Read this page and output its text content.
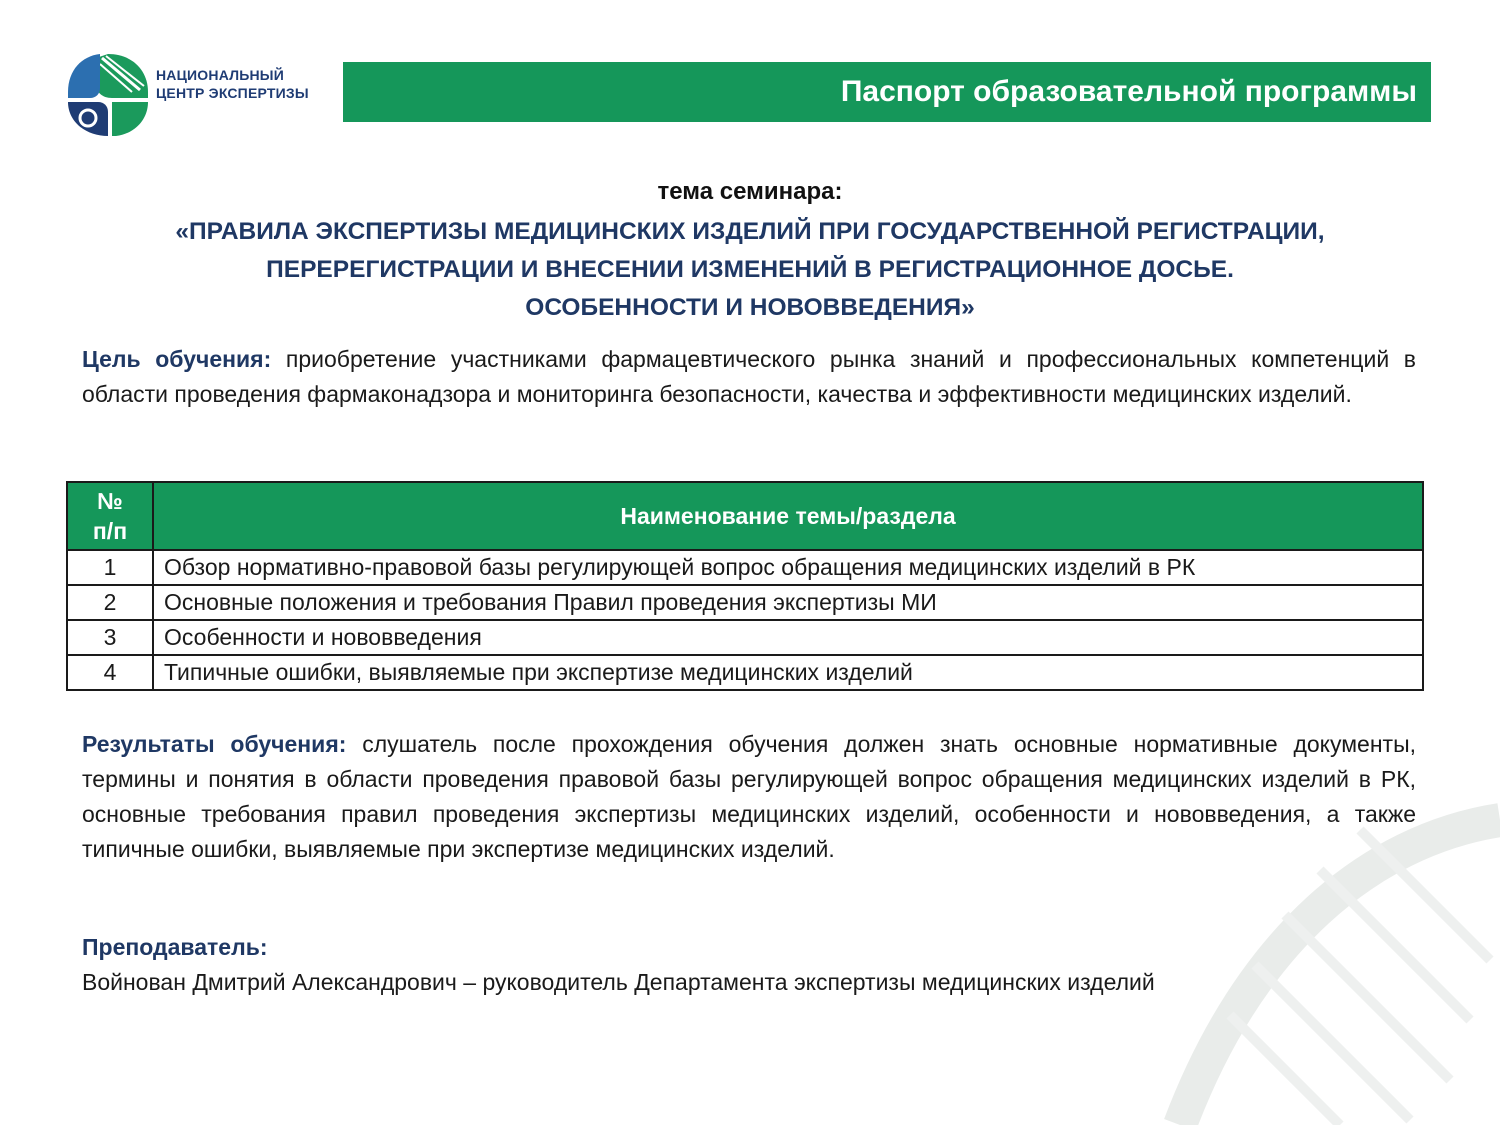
НАЦИОНАЛЬНЫЙ
ЦЕНТР ЭКСПЕРТИЗЫ	Паспорт образовательной программы
тема семинара:
«ПРАВИЛА ЭКСПЕРТИЗЫ МЕДИЦИНСКИХ ИЗДЕЛИЙ ПРИ ГОСУДАРСТВЕННОЙ РЕГИСТРАЦИИ,
ПЕРЕРЕГИСТРАЦИИ И ВНЕСЕНИИ ИЗМЕНЕНИЙ В РЕГИСТРАЦИОННОЕ ДОСЬЕ.
ОСОБЕННОСТИ И НОВОВВЕДЕНИЯ»
Цель обучения: приобретение участниками фармацевтического рынка знаний и профессиональных компетенций в области проведения фармаконадзора и мониторинга безопасности, качества и эффективности медицинских изделий.
№ п/п	Наименование темы/раздела
1	Обзор нормативно-правовой базы регулирующей вопрос обращения медицинских изделий в РК
2	Основные положения и требования Правил проведения экспертизы МИ
3	Особенности и нововведения
4	Типичные ошибки, выявляемые при экспертизе медицинских изделий
Результаты обучения: слушатель после прохождения обучения должен знать основные нормативные документы, термины и понятия в области проведения правовой базы регулирующей вопрос обращения медицинских изделий в РК, основные требования правил проведения экспертизы медицинских изделий, особенности и нововведения, а также типичные ошибки, выявляемые при экспертизе медицинских изделий.
Преподаватель:
Войнован Дмитрий Александрович – руководитель Департамента экспертизы медицинских изделий
